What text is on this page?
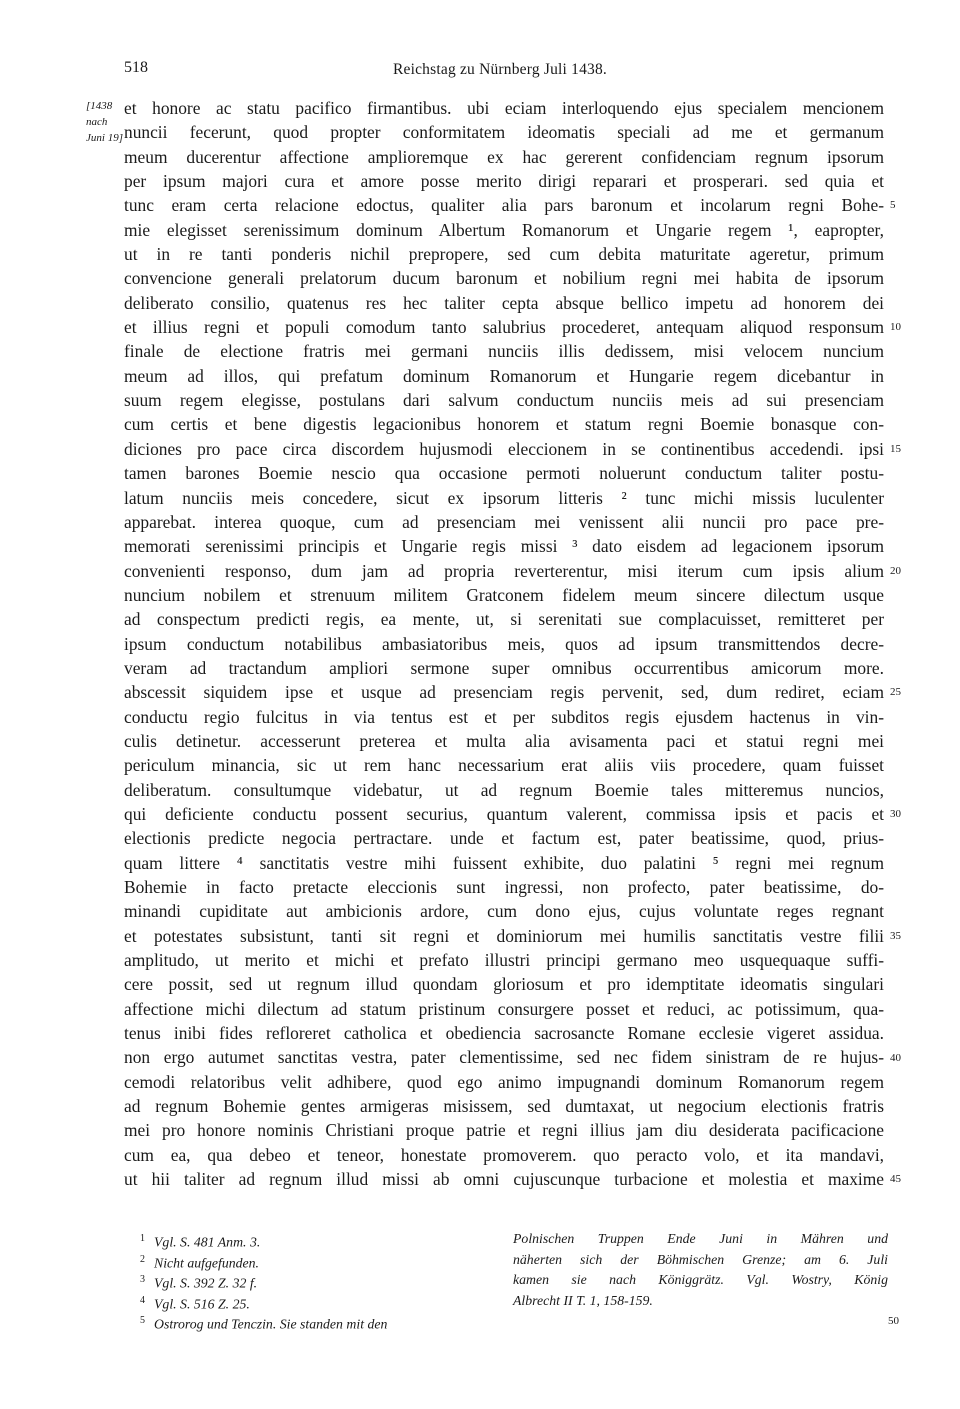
518	Reichstag zu Nürnberg Juli 1438.
[1438
nach
Juni 19]
et honore ac statu pacifico firmantibus. ubi eciam interloquendo ejus specialem mencionem
nuncii fecerunt, quod propter conformitatem ideomatis speciali ad me et germanum
meum ducerentur affectione amplioremque ex hac gererent confidenciam regnum ipsorum
per ipsum majori cura et amore posse merito dirigi reparari et prosperari. sed quia et
tunc eram certa relacione edoctus, qualiter alia pars baronum et incolarum regni Bohe-
mie elegisset serenissimum dominum Albertum Romanorum et Ungarie regem ¹, eapropter,
ut in re tanti ponderis nichil prepropere, sed cum debita maturitate ageretur, primum
convencione generali prelatorum ducum baronum et nobilium regni mei habita de ipsorum
deliberato consilio, quatenus res hec taliter cepta absque bellico impetu ad honorem dei
et illius regni et populi comodum tanto salubrius procederet, antequam aliquod responsum
finale de electione fratris mei germani nunciis illis dedissem, misi velocem nuncium
meum ad illos, qui prefatum dominum Romanorum et Hungarie regem dicebantur in
suum regem elegisse, postulans dari salvum conductum nunciis meis ad sui presenciam
cum certis et bene digestis legacionibus honorem et statum regni Boemie bonasque con-
diciones pro pace circa discordem hujusmodi eleccionem in se continentibus accedendi. ipsi
tamen barones Boemie nescio qua occasione permoti noluerunt conductum taliter postu-
latum nunciis meis concedere, sicut ex ipsorum litteris ² tunc michi missis luculenter
apparebat. interea quoque, cum ad presenciam mei venissent alii nuncii pro pace pre-
memorati serenissimi principis et Ungarie regis missi ³ dato eisdem ad legacionem ipsorum
convenienti responso, dum jam ad propria reverterentur, misi iterum cum ipsis alium
nuncium nobilem et strenuum militem Gratconem fidelem meum sincere dilectum usque
ad conspectum predicti regis, ea mente, ut, si serenitati sue complacuisset, remitteret per
ipsum conductum notabilibus ambasiatoribus meis, quos ad ipsum transmittendos decre-
veram ad tractandum ampliori sermone super omnibus occurrentibus amicorum more.
abscessit siquidem ipse et usque ad presenciam regis pervenit, sed, dum rediret, eciam
conductu regio fulcitus in via tentus est et per subditos regis ejusdem hactenus in vin-
culis detinetur. accesserunt preterea et multa alia avisamenta paci et statui regni mei
periculum minancia, sic ut rem hanc necessarium erat aliis viis procedere, quam fuisset
deliberatum. consultumque videbatur, ut ad regnum Boemie tales mitteremus nuncios,
qui deficiente conductu possent securius, quantum valerent, commissa ipsis et pacis et
electionis predicte negocia pertractare. unde et factum est, pater beatissime, quod, prius-
quam littere ⁴ sanctitatis vestre mihi fuissent exhibite, duo palatini ⁵ regni mei regnum
Bohemie in facto pretacte eleccionis sunt ingressi, non profecto, pater beatissime, do-
minandi cupiditate aut ambicionis ardore, cum dono ejus, cujus voluntate reges regnant
et potestates subsistunt, tanti sit regni et dominiorum mei humilis sanctitatis vestre filii
amplitudo, ut merito et michi et prefato illustri principi germano meo usquequaque suffi-
cere possit, sed ut regnum illud quondam gloriosum et pro idemptitate ideomatis singulari
affectione michi dilectum ad statum pristinum consurgere posset et reduci, ac potissimum, qua-
tenus inibi fides refloreret catholica et obediencia sacrosancte Romane ecclesie vigeret assidua.
non ergo autumet sanctitas vestra, pater clementissime, sed nec fidem sinistram de re hujus-
cemodi relatoribus velit adhibere, quod ego animo impugnandi dominum Romanorum regem
ad regnum Bohemie gentes armigeras misissem, sed dumtaxat, ut negocium electionis fratris
mei pro honore nominis Christiani proque patrie et regni illius jam diu desiderata pacificacione
cum ea, qua debeo et teneor, honestate promoverem. quo peracto volo, et ita mandavi,
ut hii taliter ad regnum illud missi ab omni cujuscunque turbacione et molestia et maxime
5
10
15
20
25
30
35
40
45
$^1$ Vgl. S. 481 Anm. 3.
$^2$ Nicht aufgefunden.
$^3$ Vgl. S. 392 Z. 32 f.
$^4$ Vgl. S. 516 Z. 25.
$^5$ Ostrorog und Tenczin. Sie standen mit den
Polnischen Truppen Ende Juni in Mähren und
näherten sich der Böhmischen Grenze; am 6. Juli
kamen sie nach Königgrätz. Vgl. Wostry, König
Albrecht II T. 1, 158-159.
50
